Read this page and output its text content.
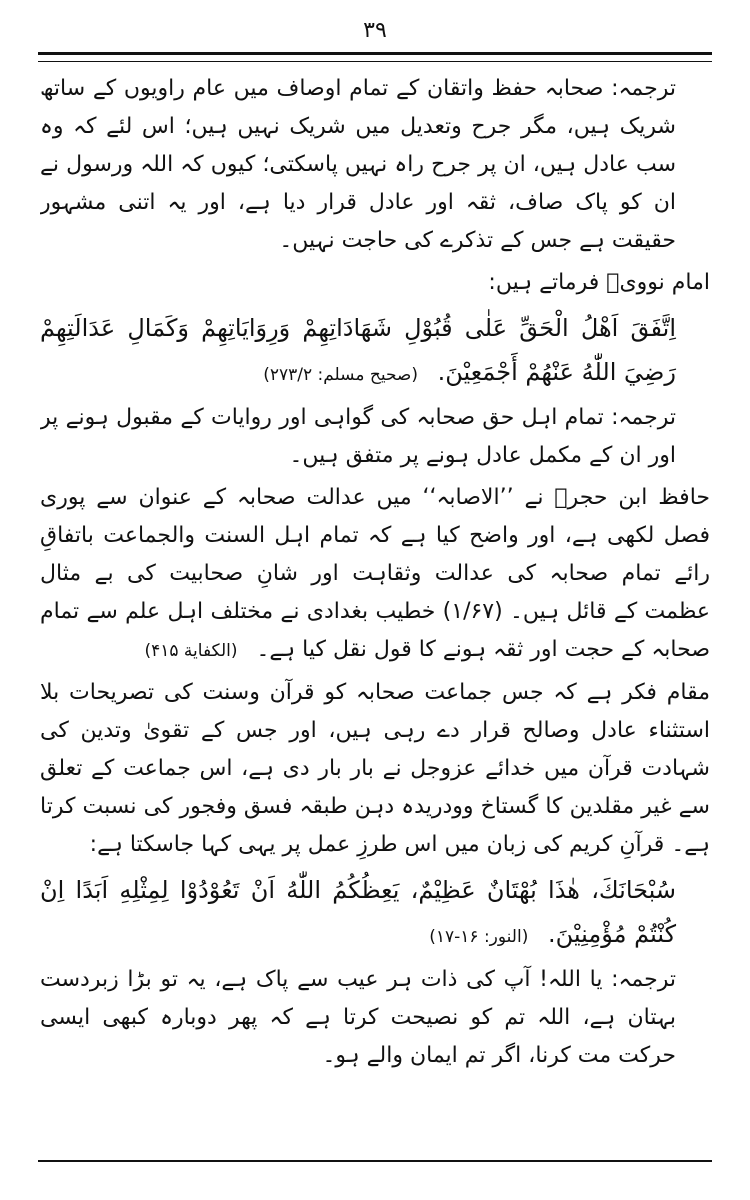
٣٩

ترجمہ: صحابہ حفظ واتقان کے تمام اوصاف میں عام راویوں کے ساتھ شریک ہیں، مگر جرح وتعدیل میں شریک نہیں ہیں؛ اس لئے کہ وہ سب عادل ہیں، ان پر جرح راہ نہیں پاسکتی؛ کیوں کہ اللہ ورسول نے ان کو پاک صاف، ثقہ اور عادل قرار دیا ہے، اور یہ اتنی مشہور حقیقت ہے جس کے تذکرے کی حاجت نہیں۔

امام نوویؒ فرماتے ہیں:

اِتَّفَقَ اَهْلُ الْحَقِّ عَلٰى قُبُوْلِ شَهَادَاتِهِمْ وَرِوَايَاتِهِمْ وَكَمَالِ عَدَالَتِهِمْ رَضِيَ اللّٰهُ عَنْهُمْ أَجْمَعِيْنَ. (صحیح مسلم: ۲۷۳/۲)

ترجمہ: تمام اہل حق صحابہ کی گواہی اور روایات کے مقبول ہونے پر اور ان کے مکمل عادل ہونے پر متفق ہیں۔

حافظ ابن حجرؒ نے ’’الاصابہ‘‘ میں عدالت صحابہ کے عنوان سے پوری فصل لکھی ہے، اور واضح کیا ہے کہ تمام اہل السنت والجماعت باتفاقِ رائے تمام صحابہ کی عدالت وثقاہت اور شانِ صحابیت کی بے مثال عظمت کے قائل ہیں۔ (۱/۶۷) خطیب بغدادی نے مختلف اہل علم سے تمام صحابہ کے حجت اور ثقہ ہونے کا قول نقل کیا ہے۔ (الکفایة ۴۱۵)

مقام فکر ہے کہ جس جماعت صحابہ کو قرآن وسنت کی تصریحات بلا استثناء عادل وصالح قرار دے رہی ہیں، اور جس کے تقویٰ وتدین کی شہادت قرآن میں خدائے عزوجل نے بار بار دی ہے، اس جماعت کے تعلق سے غیر مقلدین کا گستاخ وودریدہ دہن طبقہ فسق وفجور کی نسبت کرتا ہے۔ قرآنِ کریم کی زبان میں اس طرزِ عمل پر یہی کہا جاسکتا ہے:

سُبْحَانَكَ، هٰذَا بُهْتَانٌ عَظِيْمٌ، يَعِظُكُمُ اللّٰهُ اَنْ تَعُوْدُوْا لِمِثْلِهِ اَبَدًا اِنْ كُنْتُمْ مُؤْمِنِيْنَ. (النور: ۱۶-۱۷)

ترجمہ: یا اللہ! آپ کی ذات ہر عیب سے پاک ہے، یہ تو بڑا زبردست بہتان ہے، اللہ تم کو نصیحت کرتا ہے کہ پھر دوبارہ کبھی ایسی حرکت مت کرنا، اگر تم ایمان والے ہو۔
